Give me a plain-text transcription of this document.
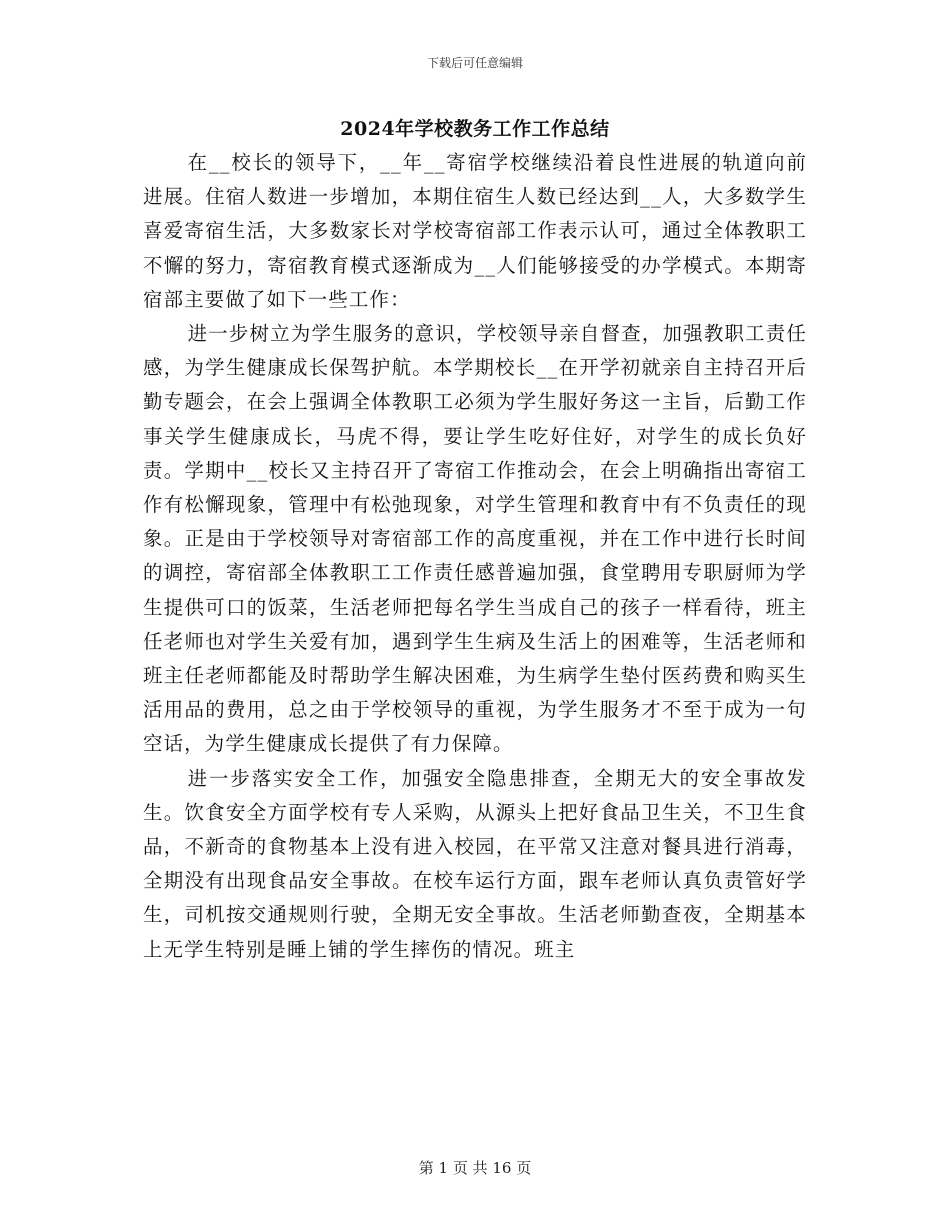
下载后可任意编辑
2024年学校教务工作工作总结

在__校长的领导下，__年__寄宿学校继续沿着良性进展的轨道向前进展。住宿人数进一步增加，本期住宿生人数已经达到__人，大多数学生喜爱寄宿生活，大多数家长对学校寄宿部工作表示认可，通过全体教职工不懈的努力，寄宿教育模式逐渐成为__人们能够接受的办学模式。本期寄宿部主要做了如下一些工作：

进一步树立为学生服务的意识，学校领导亲自督查，加强教职工责任感，为学生健康成长保驾护航。本学期校长__在开学初就亲自主持召开后勤专题会，在会上强调全体教职工必须为学生服好务这一主旨，后勤工作事关学生健康成长，马虎不得，要让学生吃好住好，对学生的成长负好责。学期中__校长又主持召开了寄宿工作推动会，在会上明确指出寄宿工作有松懈现象，管理中有松弛现象，对学生管理和教育中有不负责任的现象。正是由于学校领导对寄宿部工作的高度重视，并在工作中进行长时间的调控，寄宿部全体教职工工作责任感普遍加强，食堂聘用专职厨师为学生提供可口的饭菜，生活老师把每名学生当成自己的孩子一样看待，班主任老师也对学生关爱有加，遇到学生生病及生活上的困难等，生活老师和班主任老师都能及时帮助学生解决困难，为生病学生垫付医药费和购买生活用品的费用，总之由于学校领导的重视，为学生服务才不至于成为一句空话，为学生健康成长提供了有力保障。

进一步落实安全工作，加强安全隐患排查，全期无大的安全事故发生。饮食安全方面学校有专人采购，从源头上把好食品卫生关，不卫生食品，不新奇的食物基本上没有进入校园，在平常又注意对餐具进行消毒，全期没有出现食品安全事故。在校车运行方面，跟车老师认真负责管好学生，司机按交通规则行驶，全期无安全事故。生活老师勤查夜，全期基本上无学生特别是睡上铺的学生摔伤的情况。班主

第 1 页 共 16 页
